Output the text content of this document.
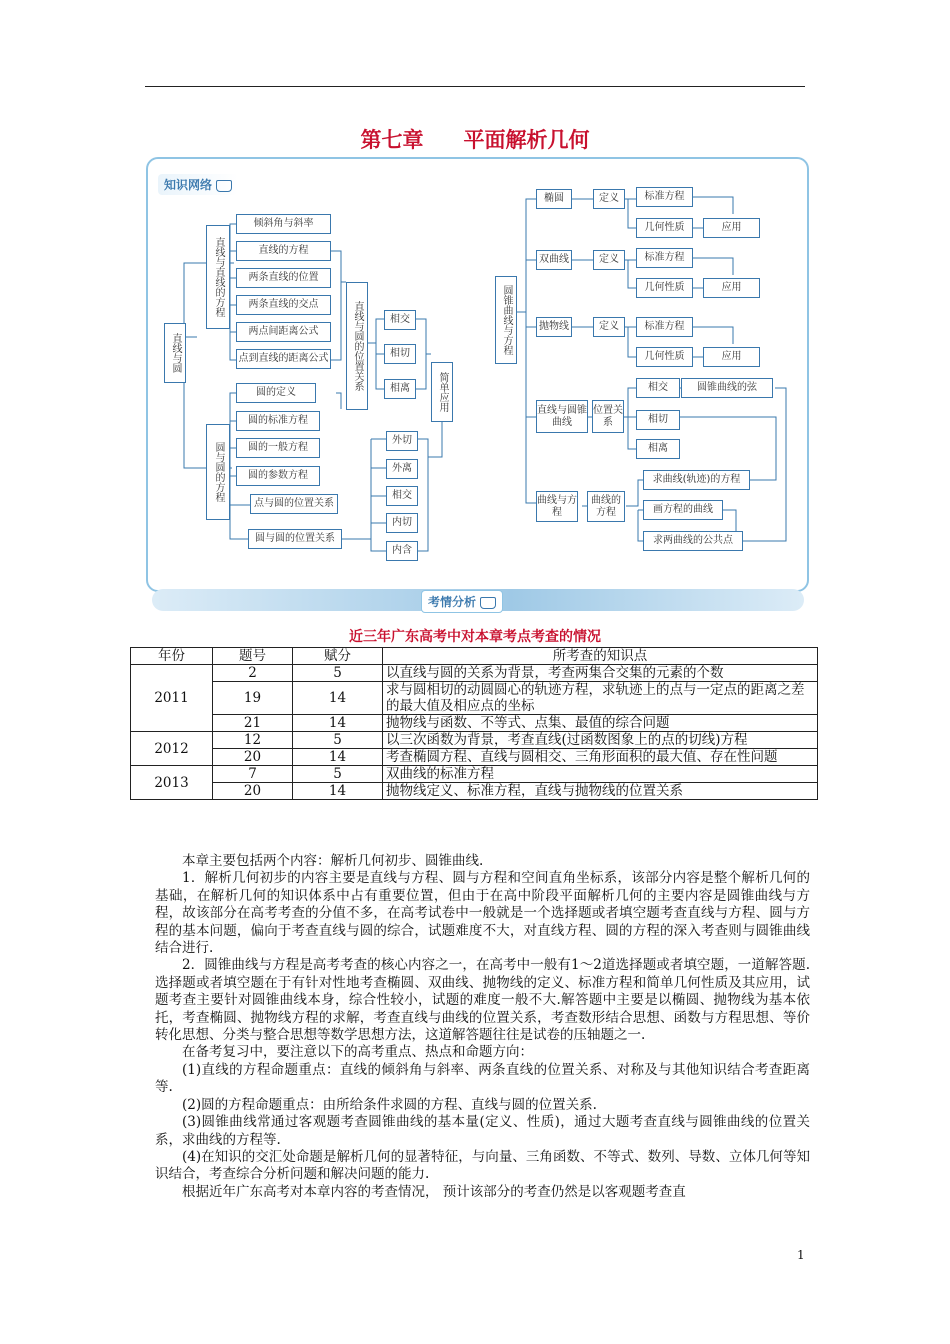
第七章 平面解析几何
知识网络
考情分析
直线与圆
直线与直线的方程
圆与圆的方程
倾斜角与斜率
直线的方程
两条直线的位置
两条直线的交点
两点间距离公式
点到直线的距离公式
圆的定义
圆的标准方程
圆的一般方程
圆的参数方程
点与圆的位置关系
圆与圆的位置关系
直线与圆的位置关系	相交
相切
相离	简单应用
外切
外离
相交
内切
内含
圆锥曲线与方程
椭圆
双曲线
抛物线
定义
定义
定义
标准方程
标准方程
标准方程
几何性质
几何性质
几何性质
应用
应用
应用
直线与圆锥曲线
位置关系
相交
相切
相离
圆锥曲线的弦
曲线与方程
曲线的方程
求曲线(轨迹)的方程
画方程的曲线
求两曲线的公共点
近三年广东高考中对本章考点考查的情况
年份	题号	赋分	所考查的知识点
2011	2	5	以直线与圆的关系为背景，考查两集合交集的元素的个数
	19	14	求与圆相切的动圆圆心的轨迹方程，求轨迹上的点与一定点的距离之差的最大值及相应点的坐标
	21	14	抛物线与函数、不等式、点集、最值的综合问题
2012	12	5	以三次函数为背景，考查直线(过函数图象上的点的切线)方程
	20	14	考查椭圆方程、直线与圆相交、三角形面积的最大值、存在性问题
2013	7	5	双曲线的标准方程
	20	14	抛物线定义、标准方程，直线与抛物线的位置关系

本章主要包括两个内容：解析几何初步、圆锥曲线.

1．解析几何初步的内容主要是直线与方程、圆与方程和空间直角坐标系，该部分内容是整个解析几何的基础，在解析几何的知识体系中占有重要位置，但由于在高中阶段平面解析几何的主要内容是圆锥曲线与方程，故该部分在高考考查的分值不多，在高考试卷中一般就是一个选择题或者填空题考查直线与方程、圆与方程的基本问题，偏向于考查直线与圆的综合，试题难度不大，对直线方程、圆的方程的深入考查则与圆锥曲线结合进行.

2．圆锥曲线与方程是高考考查的核心内容之一，在高考中一般有1～2道选择题或者填空题，一道解答题.选择题或者填空题在于有针对性地考查椭圆、双曲线、抛物线的定义、标准方程和简单几何性质及其应用，试题考查主要针对圆锥曲线本身，综合性较小，试题的难度一般不大.解答题中主要是以椭圆、抛物线为基本依托，考查椭圆、抛物线方程的求解，考查直线与曲线的位置关系，考查数形结合思想、函数与方程思想、等价转化思想、分类与整合思想等数学思想方法，这道解答题往往是试卷的压轴题之一.

在备考复习中，要注意以下的高考重点、热点和命题方向：

(1)直线的方程命题重点：直线的倾斜角与斜率、两条直线的位置关系、对称及与其他知识结合考查距离等.

(2)圆的方程命题重点：由所给条件求圆的方程、直线与圆的位置关系.

(3)圆锥曲线常通过客观题考查圆锥曲线的基本量(定义、性质)，通过大题考查直线与圆锥曲线的位置关系，求曲线的方程等.

(4)在知识的交汇处命题是解析几何的显著特征，与向量、三角函数、不等式、数列、导数、立体几何等知识结合，考查综合分析问题和解决问题的能力.

根据近年广东高考对本章内容的考查情况， 预计该部分的考查仍然是以客观题考查直

1
